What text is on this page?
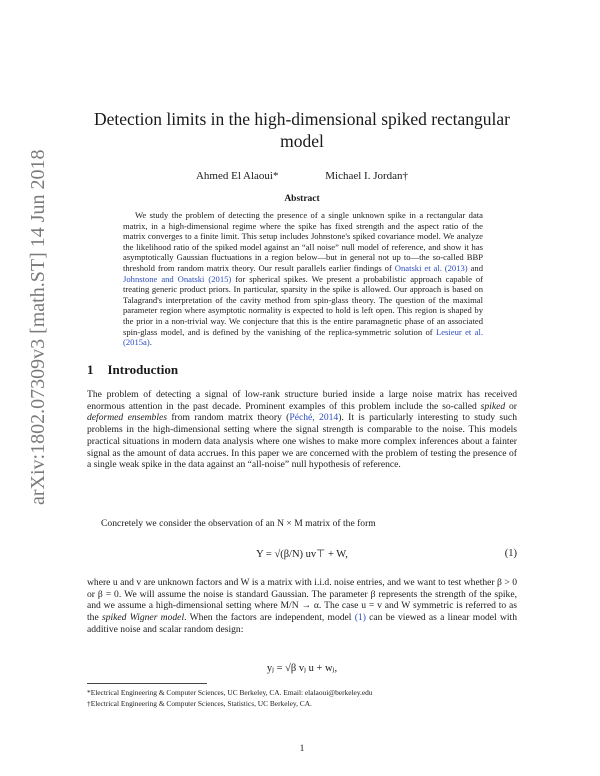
arXiv:1802.07309v3 [math.ST] 14 Jun 2018
Detection limits in the high-dimensional spiked rectangular model
Ahmed El Alaoui*	Michael I. Jordan†
Abstract
We study the problem of detecting the presence of a single unknown spike in a rectangular data matrix, in a high-dimensional regime where the spike has fixed strength and the aspect ratio of the matrix converges to a finite limit. This setup includes Johnstone's spiked covariance model. We analyze the likelihood ratio of the spiked model against an “all noise” null model of reference, and show it has asymptotically Gaussian fluctuations in a region below—but in general not up to—the so-called BBP threshold from random matrix theory. Our result parallels earlier findings of Onatski et al. (2013) and Johnstone and Onatski (2015) for spherical spikes. We present a probabilistic approach capable of treating generic product priors. In particular, sparsity in the spike is allowed. Our approach is based on Talagrand's interpretation of the cavity method from spin-glass theory. The question of the maximal parameter region where asymptotic normality is expected to hold is left open. This region is shaped by the prior in a non-trivial way. We conjecture that this is the entire paramagnetic phase of an associated spin-glass model, and is defined by the vanishing of the replica-symmetric solution of Lesieur et al. (2015a).
1 Introduction
The problem of detecting a signal of low-rank structure buried inside a large noise matrix has received enormous attention in the past decade. Prominent examples of this problem include the so-called spiked or deformed ensembles from random matrix theory (Péché, 2014). It is particularly interesting to study such problems in the high-dimensional setting where the signal strength is comparable to the noise. This models practical situations in modern data analysis where one wishes to make more complex inferences about a fainter signal as the amount of data accrues. In this paper we are concerned with the problem of testing the presence of a single weak spike in the data against an “all-noise” null hypothesis of reference.
Concretely we consider the observation of an N × M matrix of the form
Y = √(β/N) uv⊤ + W,	(1)
where u and v are unknown factors and W is a matrix with i.i.d. noise entries, and we want to test whether β > 0 or β = 0. We will assume the noise is standard Gaussian. The parameter β represents the strength of the spike, and we assume a high-dimensional setting where M/N → α. The case u = v and W symmetric is referred to as the spiked Wigner model. When the factors are independent, model (1) can be viewed as a linear model with additive noise and scalar random design:
yⱼ = √β vⱼ u + wⱼ,
*Electrical Engineering & Computer Sciences, UC Berkeley, CA. Email: elalaoui@berkeley.edu
†Electrical Engineering & Computer Sciences, Statistics, UC Berkeley, CA.
1
